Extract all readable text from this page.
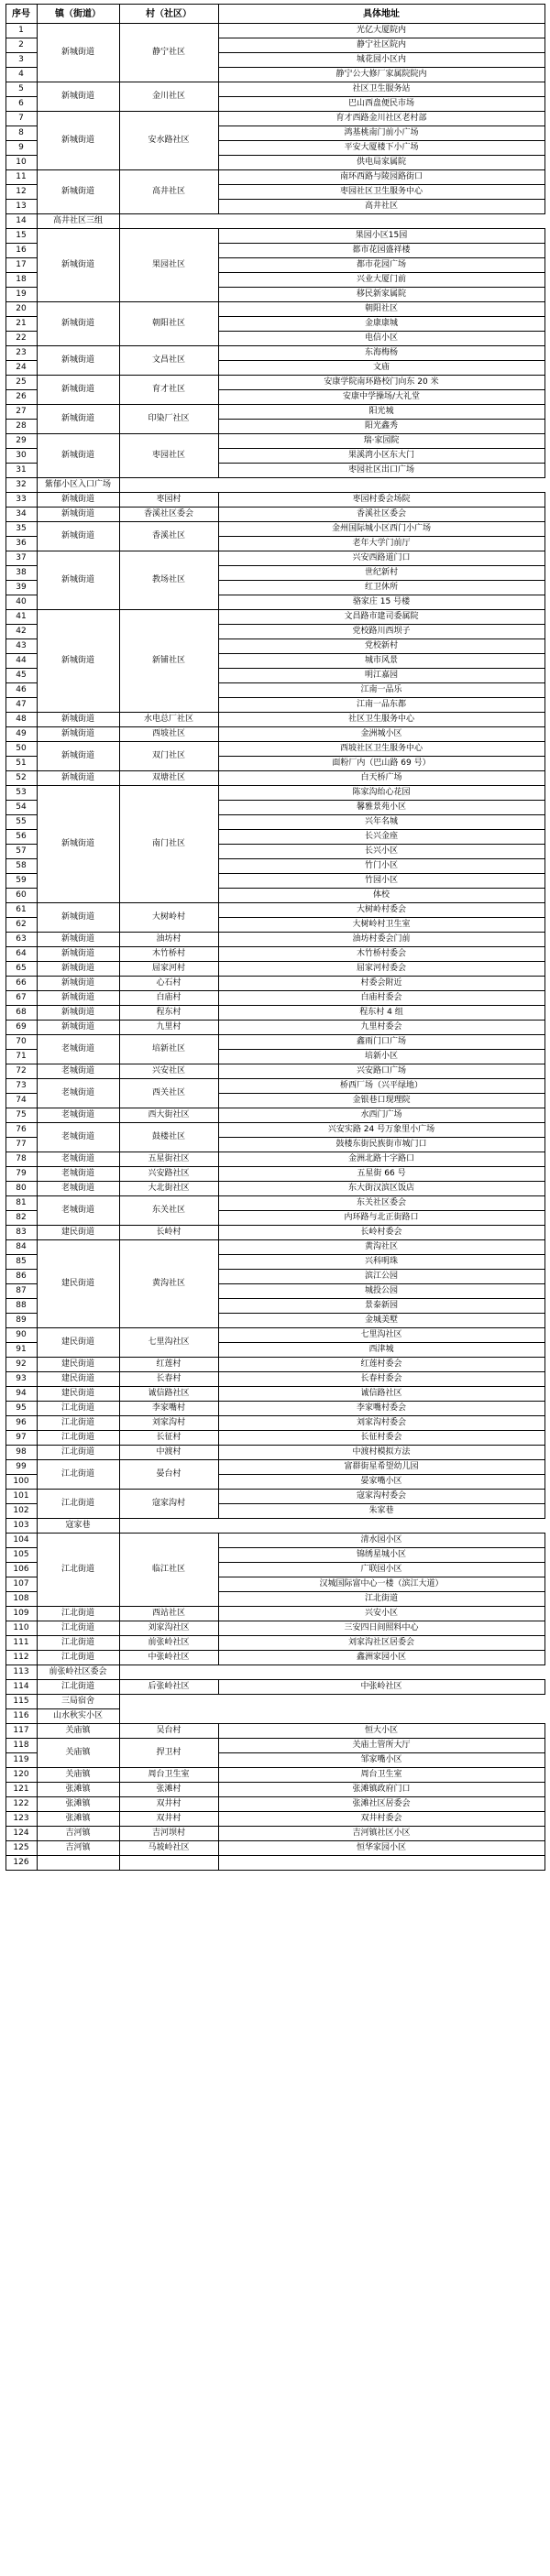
序号	镇（街道）	村（社区）	具体地址	
1	新城街道	静宁社区	光亿大厦院内	
2			静宁社区院内	
3			城花园小区内	
4			静宁公大修厂家属院院内	
5	新城街道	金川社区	社区卫生服务站	
6			巴山西盘便民市场	
7	新城街道	安水路社区	育才西路金川社区老村部	
8			鸿基桃南门前小广场	
9			平安大厦楼下小广场	
10			供电局家属院	
11	新城街道	高井社区	南环西路与陵园路街口	
12			枣园社区卫生服务中心	
13			高井社区	
14	高井社区三组			
15	新城街道	果园社区	果园小区15园	
16			都市花园盛祥楼	
17			都市花园广场	
18			兴业大厦门前	
19			移民新家属院	
20	新城街道	朝阳社区	朝阳社区	
21			金康康城	
22			电信小区	
23	新城街道	文昌社区	东海梅杨	
24			文庙	
25	新城街道	育才社区	安康学院南环路校门向东 20 米	
26			安康中学操场/大礼堂	
27	新城街道	印染厂社区	阳光城	
28			阳光鑫秀	
29	新城街道	枣园社区	瑞·家园院	
30			果溪湾小区东大门	
31			枣园社区出口广场	
32	紫郁小区入口广场			
33	新城街道	枣园村	枣园村委会场院	
34	新城街道	香溪社区委会	香溪社区委会	
35	新城街道	香溪社区	金州国际城小区西门小广场	
36			老年大学门前厅	
37	新城街道	教场社区	兴安西路道门口	
38			世纪新村	
39			红卫休所	
40			骆家庄 15 号楼	
41	新城街道	新铺社区	文昌路市建司委属院	
42			党校路川西坝子	
43			党校新村	
44			城市风景	
45			明江嘉园	
46			江南一品乐	
47			江南一品东都	
48	新城街道	水电总厂社区	社区卫生服务中心	
49	新城街道	西坡社区	金洲城小区	
50	新城街道	双门社区	西坡社区卫生服务中心	
51			面粉厂内（巴山路 69 号）	
52	新城街道	双塘社区	白天桥广场	
53	新城街道	南门社区	陈家沟绐心花园	
54			馨雅景苑小区	
55			兴年名城	
56			长兴金座	
57			长兴小区	
58			竹门小区	
59			竹园小区	
60			体校	
61	新城街道	大树岭村	大树岭村委会	
62			大树岭村卫生室	
63	新城街道	油坊村	油坊村委会门前	
64	新城街道	木竹桥村	木竹桥村委会	
65	新城街道	屈家河村	屈家河村委会	
66	新城街道	心石村	村委会附近	
67	新城街道	白庙村	白庙村委会	
68	新城街道	程东村	程东村 4 组	
69	新城街道	九里村	九里村委会	
70	老城街道	培新社区	鑫雨门口广场	
71			培新小区	
72	老城街道	兴安社区	兴安路口广场	
73	老城街道	西关社区	桥西厂场（兴平绿地）	
74			金银巷口现理院	
75	老城街道	西大街社区	水西门广场	
76	老城街道	鼓楼社区	兴安实路 24 号万象里小广场	
77			鼓楼东街民族街市城门口	
78	老城街道	五星街社区	金洲北路十字路口	
79	老城街道	兴安路社区	五星街 66 号	
80	老城街道	大北街社区	东大街汉滨区饭店	
81	老城街道	东关社区	东关社区委会	
82			内环路与北正街路口	
83	建民街道	长岭村	长岭村委会	
84	建民街道	黄沟社区	黄沟社区	
85			兴科明珠	
86			滨江公园	
87			城投公园	
88			景泰新园	
89			金城美墅	
90	建民街道	七里沟社区	七里沟社区	
91			西津城	
92	建民街道	红莲村	红莲村委会	
93	建民街道	长春村	长春村委会	
94	建民街道	诚信路社区	诚信路社区	
95	江北街道	李家嘴村	李家嘴村委会	
96	江北街道	刘家沟村	刘家沟村委会	
97	江北街道	长征村	长征村委会	
98	江北街道	中渡村	中渡村模拟方法	
99	江北街道	晏台村	富群街星希望幼儿园	
100			晏家嘴小区	
101	江北街道	寇家沟村	寇家沟村委会	
102			朱家巷	
103	寇家巷			
104	江北街道	临江社区	清水园小区	
105			锦绣星城小区	
106			广联园小区	
107			汉城国际富中心一楼（滨江大道）	
108			江北街道		
109	江北街道	西站社区	兴安小区	
110	江北街道	刘家沟社区	三安四日间照料中心	
111	江北街道	前张岭社区	刘家沟社区居委会	
112	江北街道	中张岭社区	鑫洲家园小区	
113	前张岭社区委会			
114	江北街道	后张岭社区	中张岭社区	
115	三局宿舍			
116	山水秋实小区			
117	关庙镇	吴台村	恒大小区	
118	关庙镇	捍卫村	关庙土管所大厅	
119			邹家嘴小区	
120	关庙镇	周台卫生室	周台卫生室	
121	张滩镇	张滩村	张滩镇政府门口	
122	张滩镇	双井村	张滩社区居委会	
123	张滩镇	双井村	双井村委会	
124	吉河镇	吉河坝村	吉河镇社区小区	
125	吉河镇	马坡岭社区	恒华家园小区	
126				
